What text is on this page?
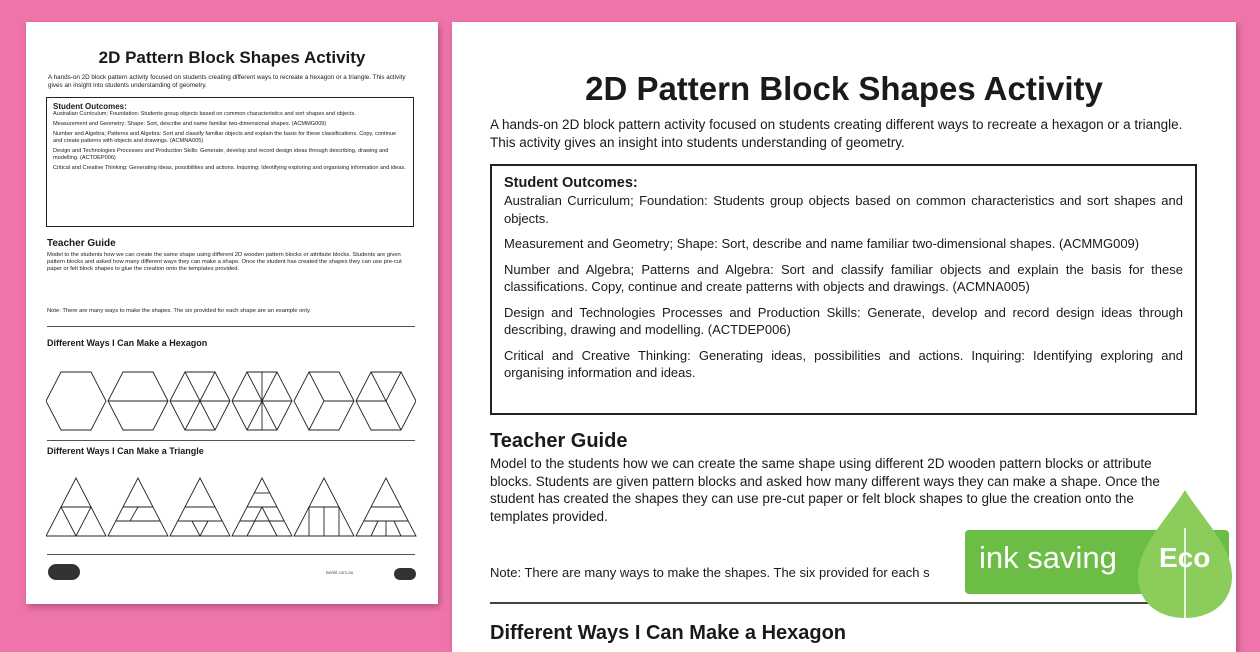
2D Pattern Block Shapes Activity
A hands-on 2D block pattern activity focused on students creating different ways to recreate a hexagon or a triangle. This activity gives an insight into students understanding of geometry.
Student Outcomes:

Australian Curriculum; Foundation: Students group objects based on common characteristics and sort shapes and objects.

Measurement and Geometry; Shape: Sort, describe and name familiar two-dimensional shapes. (ACMMG009)

Number and Algebra; Patterns and Algebra: Sort and classify familiar objects and explain the basis for these classifications. Copy, continue and create patterns with objects and drawings. (ACMNA005)

Design and Technologies Processes and Production Skills: Generate, develop and record design ideas through describing, drawing and modelling. (ACTDEP006)

Critical and Creative Thinking: Generating ideas, possibilities and actions. Inquiring: Identifying exploring and organising information and ideas.

Teacher Guide
Model to the students how we can create the same shape using different 2D wooden pattern blocks or attribute blocks. Students are given pattern blocks and asked how many different ways they can make a shape. Once the student has created the shapes they can use pre-cut paper or felt block shapes to glue the creation onto the templates provided.
Note: There are many ways to make the shapes. The six provided for each shape are an example only.
Different Ways I Can Make a Hexagon
Different Ways I Can Make a Triangle
twinkl.com.au
2D Pattern Block Shapes Activity
A hands-on 2D block pattern activity focused on students creating different ways to recreate a hexagon or a triangle. This activity gives an insight into students understanding of geometry.
Student Outcomes:

Australian Curriculum; Foundation: Students group objects based on common characteristics and sort shapes and objects.

Measurement and Geometry; Shape: Sort, describe and name familiar two-dimensional shapes. (ACMMG009)

Number and Algebra; Patterns and Algebra: Sort and classify familiar objects and explain the basis for these classifications. Copy, continue and create patterns with objects and drawings. (ACMNA005)

Design and Technologies Processes and Production Skills: Generate, develop and record design ideas through describing, drawing and modelling. (ACTDEP006)

Critical and Creative Thinking: Generating ideas, possibilities and actions. Inquiring: Identifying exploring and organising information and ideas.

Teacher Guide
Model to the students how we can create the same shape using different 2D wooden pattern blocks or attribute blocks. Students are given pattern blocks and asked how many different ways they can make a shape. Once the student has created the shapes they can use pre-cut paper or felt block shapes to glue the creation onto the templates provided.
Note: There are many ways to make the shapes. The six provided for each s
Different Ways I Can Make a Hexagon
ink saving Eco
